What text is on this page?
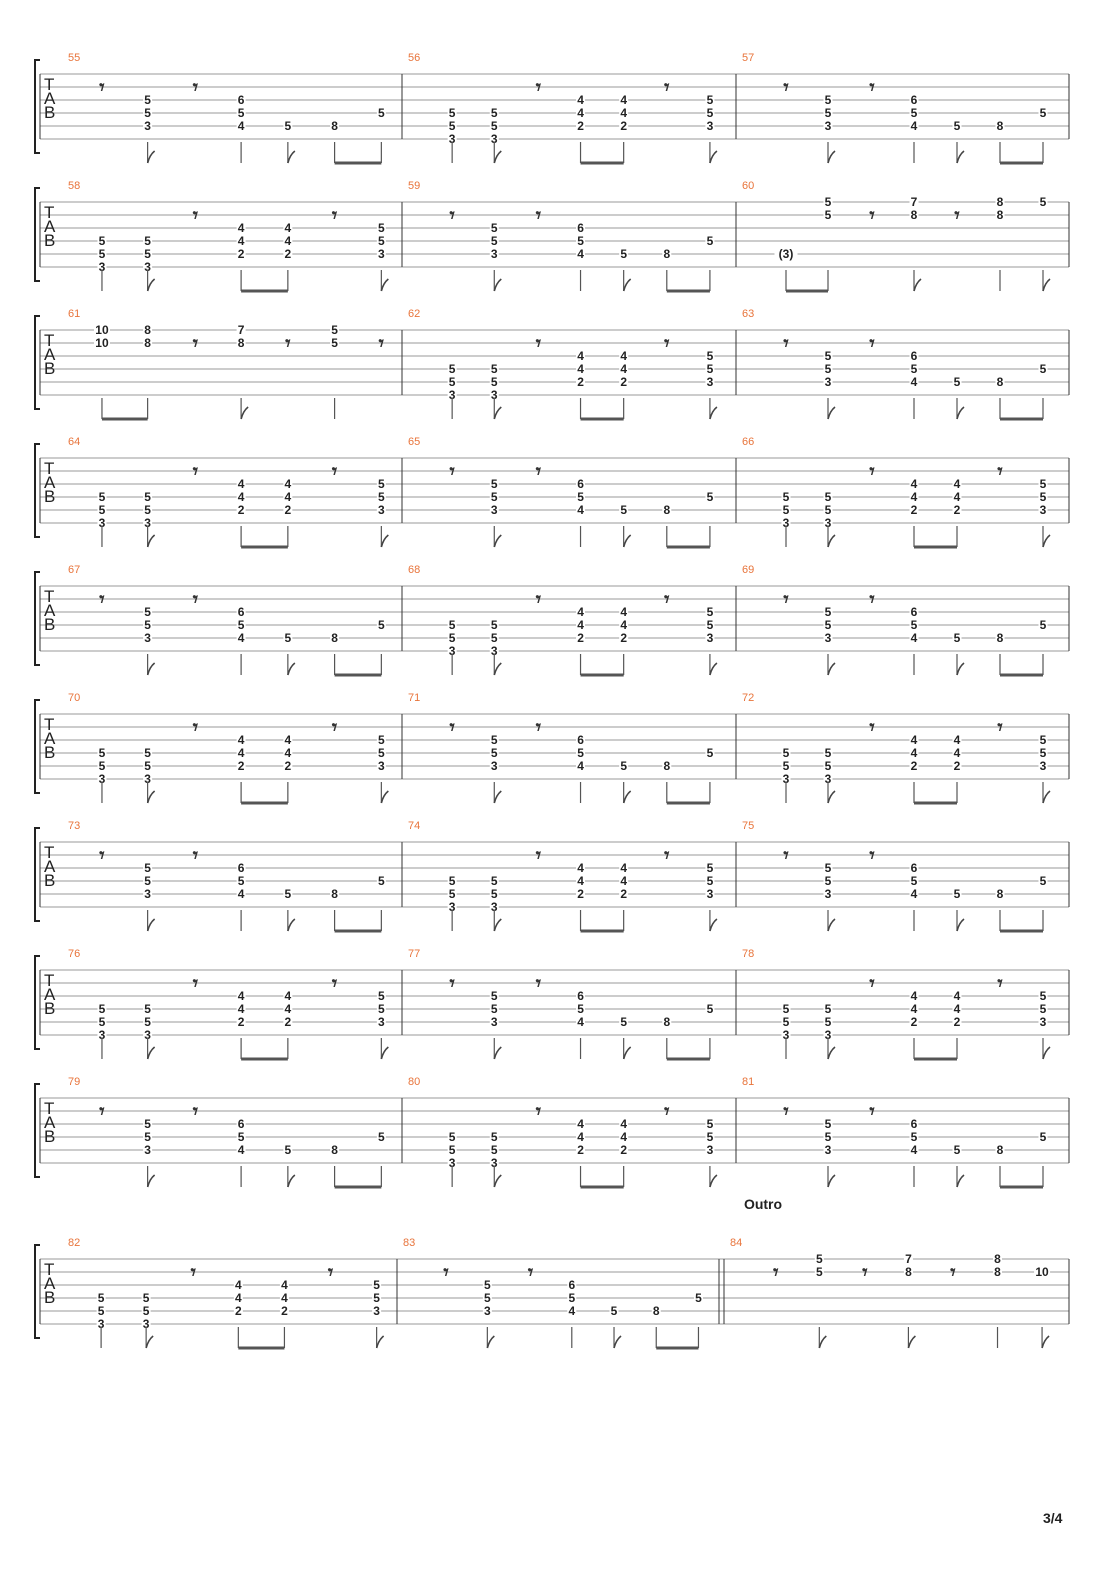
T
A
B
55
𝄾
5
5
3
𝄾
6
5
4	5	8
5
56
5
5
3
5
5
3
𝄾
4
4
2
4
4
2
𝄾
5
5
3
57
𝄾
5
5
3
𝄾
6
5
4	5	8
5
T
A
B
58
5
5
3
5
5
3
𝄾
4
4
2
4
4
2
𝄾
5
5
3
59
𝄾
5
5
3
𝄾
6
5
4	5	8
5
60
(3)
5
5 𝄾
7
8 𝄾
8
8
5
T
A
B
61
10
10
8
8 𝄾
7
8 𝄾
5
5 𝄾
62
5
5
3
5
5
3
𝄾
4
4
2
4
4
2
𝄾
5
5
3
63
𝄾
5
5
3
𝄾
6
5
4	5	8
5
T
A
B
64
5
5
3
5
5
3
𝄾
4
4
2
4
4
2
𝄾
5
5
3
65
𝄾
5
5
3
𝄾
6
5
4	5	8
5
66
5
5
3
5
5
3
𝄾
4
4
2
4
4
2
𝄾
5
5
3
T
A
B
67
𝄾
5
5
3
𝄾
6
5
4	5	8
5
68
5
5
3
5
5
3
𝄾
4
4
2
4
4
2
𝄾
5
5
3
69
𝄾
5
5
3
𝄾
6
5
4	5	8
5
T
A
B
70
5
5
3
5
5
3
𝄾
4
4
2
4
4
2
𝄾
5
5
3
71
𝄾
5
5
3
𝄾
6
5
4	5	8
5
72
5
5
3
5
5
3
𝄾
4
4
2
4
4
2
𝄾
5
5
3
T
A
B
73
𝄾
5
5
3
𝄾
6
5
4	5	8
5
74
5
5
3
5
5
3
𝄾
4
4
2
4
4
2
𝄾
5
5
3
75
𝄾
5
5
3
𝄾
6
5
4	5	8
5
T
A
B
76
5
5
3
5
5
3
𝄾
4
4
2
4
4
2
𝄾
5
5
3
77
𝄾
5
5
3
𝄾
6
5
4	5	8
5
78
5
5
3
5
5
3
𝄾
4
4
2
4
4
2
𝄾
5
5
3
T
A
B
79
𝄾
5
5
3
𝄾
6
5
4	5	8
5
80
5
5
3
5
5
3
𝄾
4
4
2
4
4
2
𝄾
5
5
3
81
𝄾
5
5
3
𝄾
6
5
4	5	8
5
T
A
B
Outro
82
5
5
3
5
5
3
𝄾
4
4
2
4
4
2
𝄾
5
5
3
83
𝄾
5
5
3
𝄾
6
5
4	5	8
5
84
𝄾
5
5 𝄾
7
8 𝄾
8
8	10
3/4
